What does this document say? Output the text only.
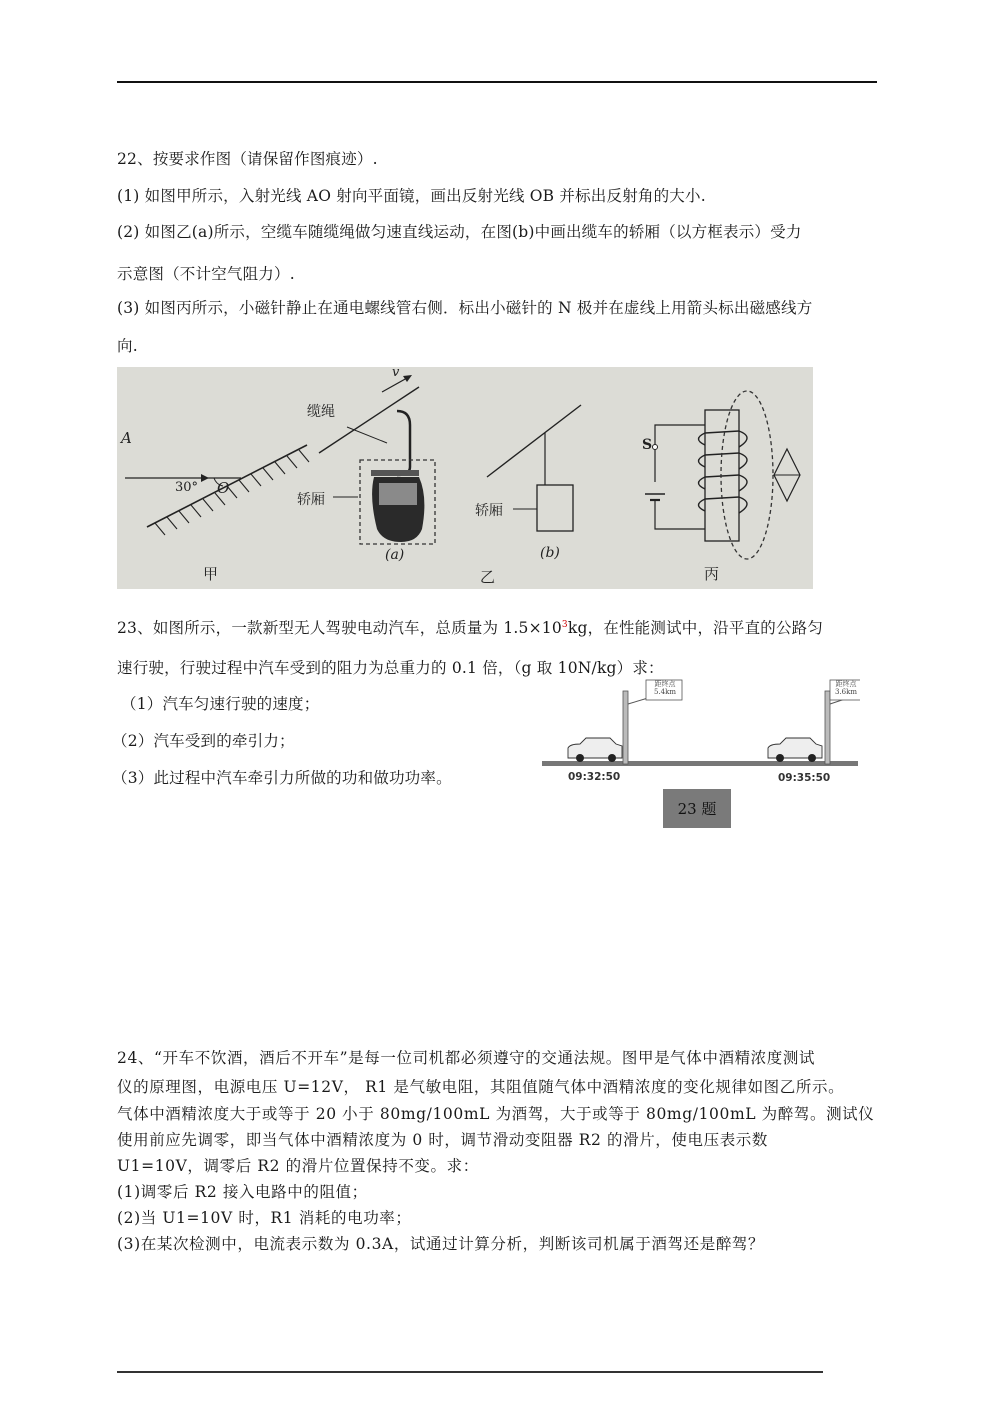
22、按要求作图（请保留作图痕迹）.
(1) 如图甲所示，入射光线 AO 射向平面镜，画出反射光线 OB 并标出反射角的大小.
(2) 如图乙(a)所示，空缆车随缆绳做匀速直线运动，在图(b)中画出缆车的轿厢（以方框表示）受力
示意图（不计空气阻力）.
(3) 如图丙所示，小磁针静止在通电螺线管右侧．标出小磁针的 N 极并在虚线上用箭头标出磁感线方
向.
A
O
30°
v
缆绳
轿厢
(a)
轿厢
(b)
S
甲	乙	丙
23、如图所示，一款新型无人驾驶电动汽车，总质量为 $1.5\times 10^3kg$，在性能测试中，沿平直的公路匀
速行驶，行驶过程中汽车受到的阻力为总重力的 0.1 倍，（g 取 10N/kg）求：
（1）汽车匀速行驶的速度；
（2）汽车受到的牵引力；
（3）此过程中汽车牵引力所做的功和做功功率。
距终点
5.4km
距终点
3.6km
09:32:50	09:35:50
23 题
24、“开车不饮酒，酒后不开车”是每一位司机都必须遵守的交通法规。图甲是气体中酒精浓度测试
仪的原理图，电源电压 U=12V， R1 是气敏电阻，其阻值随气体中酒精浓度的变化规律如图乙所示。
气体中酒精浓度大于或等于 20 小于 80mg/100mL 为酒驾，大于或等于 80mg/100mL 为醉驾。测试仪
使用前应先调零，即当气体中酒精浓度为 0 时，调节滑动变阻器 R2 的滑片，使电压表示数
U1=10V，调零后 R2 的滑片位置保持不变。求：
(1)调零后 R2 接入电路中的阻值；
(2)当 U1=10V 时，R1 消耗的电功率；
(3)在某次检测中，电流表示数为 0.3A，试通过计算分析，判断该司机属于酒驾还是醉驾？
